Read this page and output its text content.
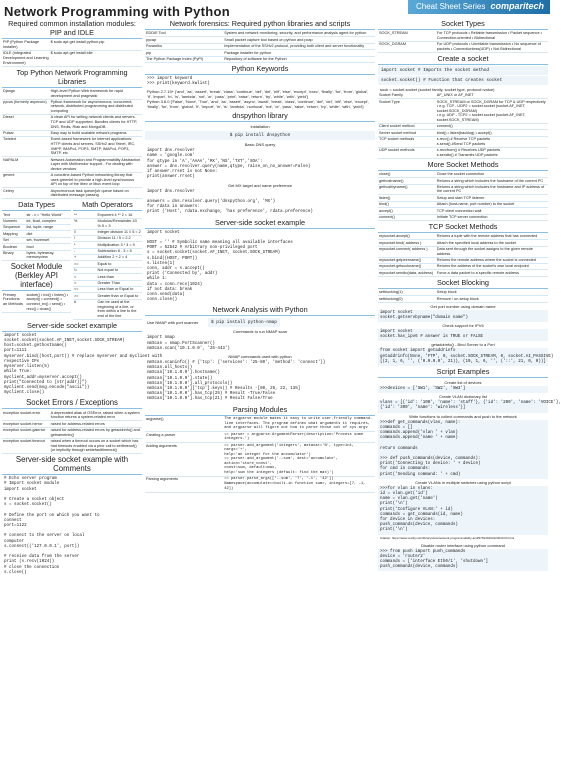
Network Programming with Python	Cheat Sheet Series comparitech
Required common installation modules: PIP and IDLE
PIP (Python Package Installer)	$ sudo apt-get install python-pip
IDLE (Integrated Development and Learning Environment)	$ sudo apt-get install idle
Top Python Network Programming Libraries
Django	High-level Python Web framework for rapid development and pragmatic
pycos (formerly asyncoro)	Python framework for asynchronous, concurrent, network, distributed programming and distributed computing
Diesel	A clean API for writing network clients and servers. TCP and UDP supported. Bundles clients for HTTP, DNS, Redis, Riak and MongoDB.
Pulsar	Easy way to build scalable network programs
Twisted	Event-based framework for internet applications: HTTP clients and servers, SSHv2 and Telnet, IRC, XMPP, IMAPv4, POP3, SMTP, IMAPv4, POP3, SMTP, etc.
NAPALM	Network Automation and Programmability Abstraction Layer with Multivendor support - For dealing with device vendors
gevent	A coroutine-based Python networking library that uses greenlet to provide a high-level synchronous API on top of the libev or libuv event loop
Celery	Asynchronous task queue/job queue based on distributed message passing
Data Types
Text	str - x = "Hello World"
Numeric	int, float, complex
Sequence	list, tuple, range
Mapping	dict
Set	set, frozenset
Boolean	bool
Binary	bytes, bytearray, memoryview
Socket Module (Berkley API interface)
Primary Functions an Methods	socket() • ind() • listen() • accept() • connect() • connect_ex() • send() • recv() • close()
Math Operators
**	Exponent 4 ** 2 = 16
%	Modulus/Remainder 43 % 5 = 3
//	Integer division 11 // 5 = 2
/	Division 11 / 5 = 2.2
*	Multiplication 3 * 3 = 9
-	Subtraction 8 - 3 = 5
+	Addition 2 + 2 = 4
==	Equal to
!=	Not equal to
<	Less than
>	Greater Than
<=	Less than or Equal to
>=	Greater than or Equal to
#	Can be used at the beginning of a line, or from within a line to the end of the line
Server-side socket example
import socket
socket.socket(socket.AF_INET,socket.SOCK_STREAM)
host=socket.gethostname()
port=1111
myserver.bind((host,port)) # replace myserver and myclient with
respective IPs
myserver.listen(5)
while True:
myclient,addr=myserver.accept()
print("Connected to {str(addr)}")
myclient.send(msg.encode("ascii"))
myclient.close()
Socket Errors / Exceptions
exception socket.error	A deprecated alias of OSError, raised when a system function returns a system-related error
exception socket.herror	raised for address-related errors
exception socket.gaierror	raised for address-related errors by getaddrinfo() and getnameinfo()
exception socket.timeout	raised when a timeout occurs on a socket which has had timeouts enabled via a prior call to settimeout() (or implicitly through setdefaulttimeout()
Server-side socket example with Comments
# Echo server program
# Import socket module
import socket

# Create a socket object
s = socket.socket()

# Define the port on which you want to
connect
port=1122

# connect to the server on local
computer
s.connect(('127.0.0.1', port))

# receive data from the server
print (s.recv(1024))
# close the connection
s.close()
Network forensics: Required python libraries and scripts
EDDIE Tool	System and network monitoring, security, and performance analysis agent for python
pycap	Small packet capture tool based on python and pcap
Paramiko	Implementation of the SSHv2 protocol, providing both client and server functionality
pip	Package installer for python
The Python Package Index (PyPI)	Repository of software for the Python
Python Keywords
>>> import keyword
>>> print(keyword.kwlist)
Python 2.7.15+ ['and', 'as', 'assert', 'break', 'class', 'continue', 'def', 'del', 'elif', 'else', 'except', 'exec', 'finally', 'for', 'from', 'global', 'if', 'import', 'in', 'is', 'lambda', 'not', 'or', 'pass', 'print', 'raise', 'return', 'try', 'while', 'with', 'yield']
Python 3.8.0 ['False', 'None', 'True', 'and', 'as', 'assert', 'async', 'await', 'break', 'class', 'continue', 'def', 'del', 'elif', 'else', 'except', 'finally', 'for', 'from', 'global', 'if', 'import', 'in', 'is', 'lambda', 'nonlocal', 'not', 'or', 'pass', 'raise', 'return', 'try', 'while', 'with', 'yield']
dnspython library
Installation
$ pip install dnspython
Basic DNS query
import dns.resolver
name = 'google.com'
for qtype in 'A','AAAA','MX','NS','TXT','SOA':
answer = dns.resolver.query(name,qtype, raise_on_no_answer=False)
if answer.rrset is not None:
print(answer.rrset)
Get MX target and name preference
import dns.resolver

answers = dns.resolver.query('dnspython.org', 'MX')
for rdata in answers:
print ('Host', rdata.exchange, 'has preference', rdata.preference)
Server-side socket example
import socket

HOST = '' # Symbolic name meaning all available interfaces
PORT = 52542 # Arbitrary non-privileged port
s = socket.socket(socket.AF_INET, socket.SOCK_STREAM)
s.bind((HOST, PORT))
s.listen(1)
conn, addr = s.accept()
print ('Connected by', addr)
while 1:
data = conn.recv(1024)
if not data: break
conn.send(data)
conn.close()
Network Analysis with Python
Use NMAP with port scanner	$ pip install python-nmap
Commands to run NMAP scan
import nmap
nmScan = nmap.PortScanner()
nmScan.scan('10.1.0.0', '25-443')
NMAP commands used with python
nmScan.scaninfo() # {'tcp': {'services': '25-80', 'method': 'connect'}}
nmScan.all_hosts()
nmScan['10.1.0.0'].hostname()
nmScan['10.1.0.0'].state()
nmScan['10.1.0.0'].all_protocols()
nmScan['10.1.0.0']['tcp'].keys() # Results -[80, 25, 22, 135]
nmScan['10.1.0.0'].has_tcp(25) # Result -True/False
nmScan['10.1.0.0'].has_tcp(21) # Result False/True
Parsing Modules
argparse()	The argparse module makes it easy to write user-friendly command-line interfaces. The program defines what arguments it requires, and argparse will figure out how to parse those out of sys.argv
Creating a parser	== parser = argparse.ArgumentParser(description='Process some integers.')
Adding arguments	== parser.add_argument('integers', metavar='N', type=int, nargs='+',
help='an integer for the accumulator')
== parser.add_argument('--sum', dest='accumulate', action='store_const',
const=sum, default=max,
help='sum the integers (default: find the max)')
Parsing arguments	== parser.parse_args(['--sum', '7', '-1', '42'])
Namespace(accumulate=<built-in function sum>, integers=[7, -1, 42])
Socket Types
SOCK_STREAM	For TCP protocols • Reliable transmission • Packet sequence • Connection-oriented • Bidirectional
SOCK_DGRAM	For UDP protocols • Unreliable transmission • No sequence of packets • Connectionless(UDP) • Not Bidirectional
Create a socket
import socket # Imports the socket method
socket.socket() # Function that creates socket
sock = socket.socket (socket family, socket type, protocol=value)
Socket Family	AF_UNIX or AF_INET
Socket Type	SOCK_STREAM or SOCK_DGRAM for TCP & UDP respectively
• e.g. TCP - UDP2 = socket.socket (socket.AF_INET, socket.SOCK_DGRAM)
• e.g. UDP - TCP2 = socket.socket (socket.AF_INET, socket.SOCK_STREAM)
Client socket method	connect()
Server socket method	bind() • listen(backlog) • accept()
TCP socket methods	s.recv() # Receive TCP packets
s.send() #Send TCP packets
UDP socket methods	s.recvfrom() # Receives UDP packets
s.sendto() # Transmits UDP packets
More Socket Methods
close()	Close the socket connection
gethostname()	Returns a string which includes the hostname of the current PC
gethostbyname()	Returns a string which includes the hostname and IP address of the current PC
listen()	Setup and start TCP listener
bind()	Attach (host-name, port number) to the socket
accept()	TCP client connection wait
connect()	Initiate TCP server connection
TCP Socket Methods
mysocket.accept()	Returns a tuple with the remote address that has connected
mysocket.bind( address )	Attach the specified local address to the socket
mysocket.connect( address )	Data sent through the socket assigns to the given remote address
mysocket.getpeername()	Returns the remote address where the socket is connected
mysocket.getsockname()	Returns the address of the socket's own local endpoint
mysocket.sendto(data, address)	Force a data packet to a specific remote address
Socket Blocking
setblocking(1)	Setup block
setblocking(0)	Remove / un-setup block
Get port number using domain name
import socket
socket.getservbyname("domain name")
Check support for IPV6
import socket
socket.has_ipv6 # answer is TRUE or FALSE
getaddrinfo() - Bind Server to a Port
from socket import getaddrinfo
getaddrinfo(None, 'FTP', 0, socket.SOCK_STREAM, 0, socket.AI_PASSIVE)
[(2, 1, 6, '', ('0.0.0.0', 21)), (10, 1, 6, '', ('::', 21, 0, 0))]
Script Examples
Create list of devices
>>>devices = ['SW1', 'SW2', 'SW3']
Create VLAN dictionary list
vlans = [{'id': '100', 'name': 'staff'}, {'id': '200', 'name': 'VOICE'},
{'id': '300', 'name': 'wireless'}]
Write functions to collect commands and push to the network
>>>def get_commands(vlan, name):
commands = []
commands.append('vlan ' + vlan)
commands.append('name ' + name)

return commands

>>> def push_commands(device, commands):
print('Connecting to device: ' + device)
for cmd in commands:
print('Sending command: ' + cmd)
Create VLANs in multiple switches using python script
>>>for vlan in vlans:
id = vlan.get('id')
name = vlan.get('name')
print('\n')
print('Configure VLAN:' + id)
commands = get_commands(id, name)
for device in devices:
push_commands(device, commands)
print('\n')
Citation: https://www.oreilly.com/library/view/network-programmability-and/9781491931240/ch04.html
Disable router interface using python command
>>> from push import push_commands
device = 'router2'
commands = ['interface Eth0/1', 'shutdown']
push_commands(device, commands)
